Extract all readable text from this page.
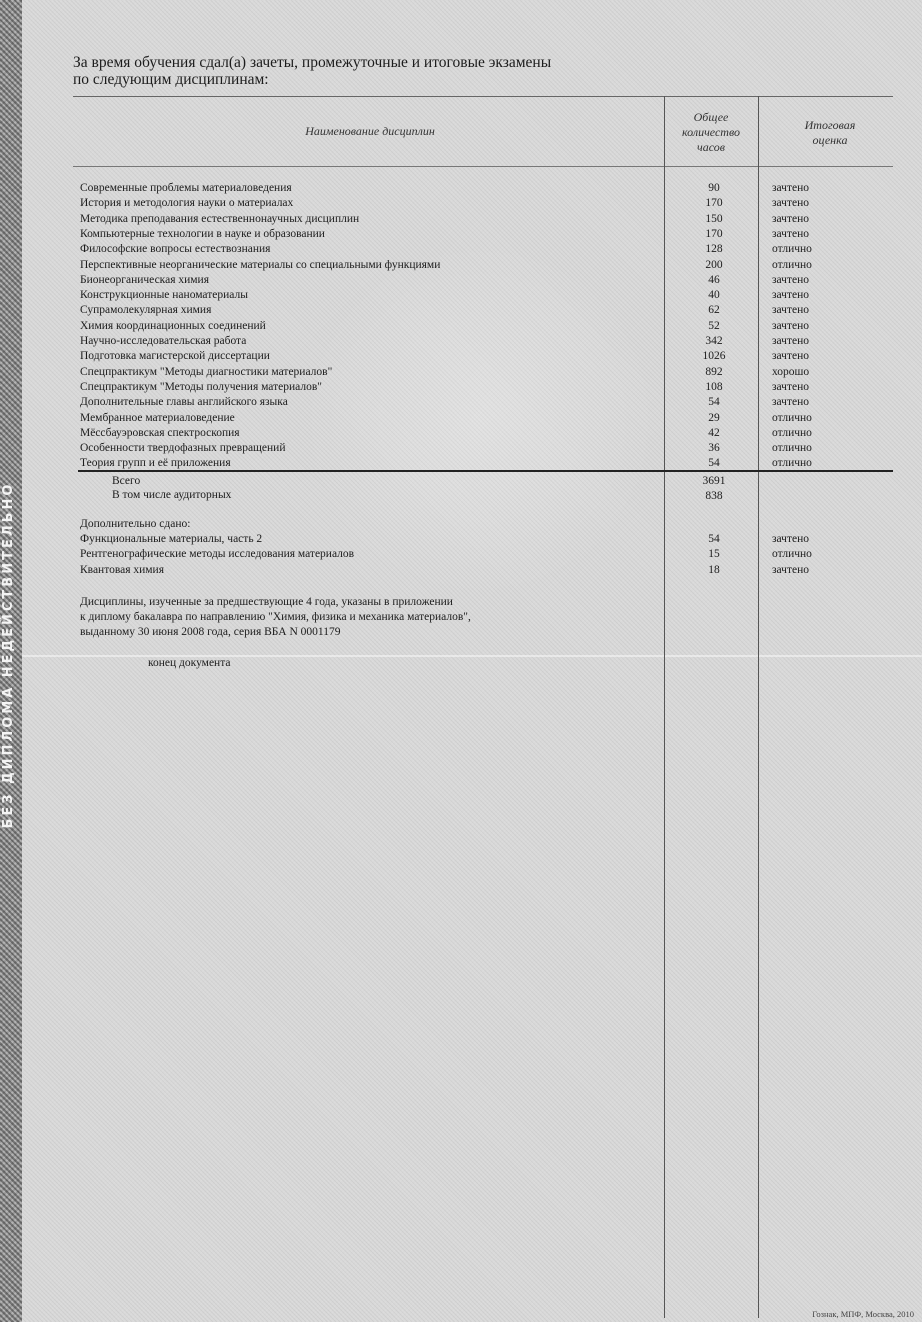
БЕЗ ДИПЛОМА НЕДЕЙСТВИТЕЛЬНО
За время обучения сдал(а) зачеты, промежуточные и итоговые экзамены
по следующим дисциплинам:
Наименование дисциплин
Общее
количество
часов
Итоговая
оценка
Современные проблемы материаловедения	90	зачтено
История и методология науки о материалах	170	зачтено
Методика преподавания естественнонаучных дисциплин	150	зачтено
Компьютерные технологии в науке и образовании	170	зачтено
Философские вопросы естествознания	128	отлично
Перспективные неорганические материалы со специальными функциями	200	отлично
Бионеорганическая химия	46	зачтено
Конструкционные наноматериалы	40	зачтено
Супрамолекулярная химия	62	зачтено
Химия координационных соединений	52	зачтено
Научно-исследовательская работа	342	зачтено
Подготовка магистерской диссертации	1026	зачтено
Спецпрактикум "Методы диагностики материалов"	892	хорошо
Спецпрактикум "Методы получения материалов"	108	зачтено
Дополнительные главы английского языка	54	зачтено
Мембранное материаловедение	29	отлично
Мёссбауэровская спектроскопия	42	отлично
Особенности твердофазных превращений	36	отлично
Теория групп и её приложения	54	отлично
Всего	3691
В том числе аудиторных	838
Дополнительно сдано:
Функциональные материалы, часть 2	54	зачтено
Рентгенографические методы исследования материалов	15	отлично
Квантовая химия	18	зачтено
Дисциплины, изученные за предшествующие 4 года, указаны в приложении
к диплому бакалавра по направлению "Химия, физика и механика материалов",
выданному 30 июня 2008 года, серия ВБА N 0001179
конец документа
Гознак, МПФ, Москва, 2010
